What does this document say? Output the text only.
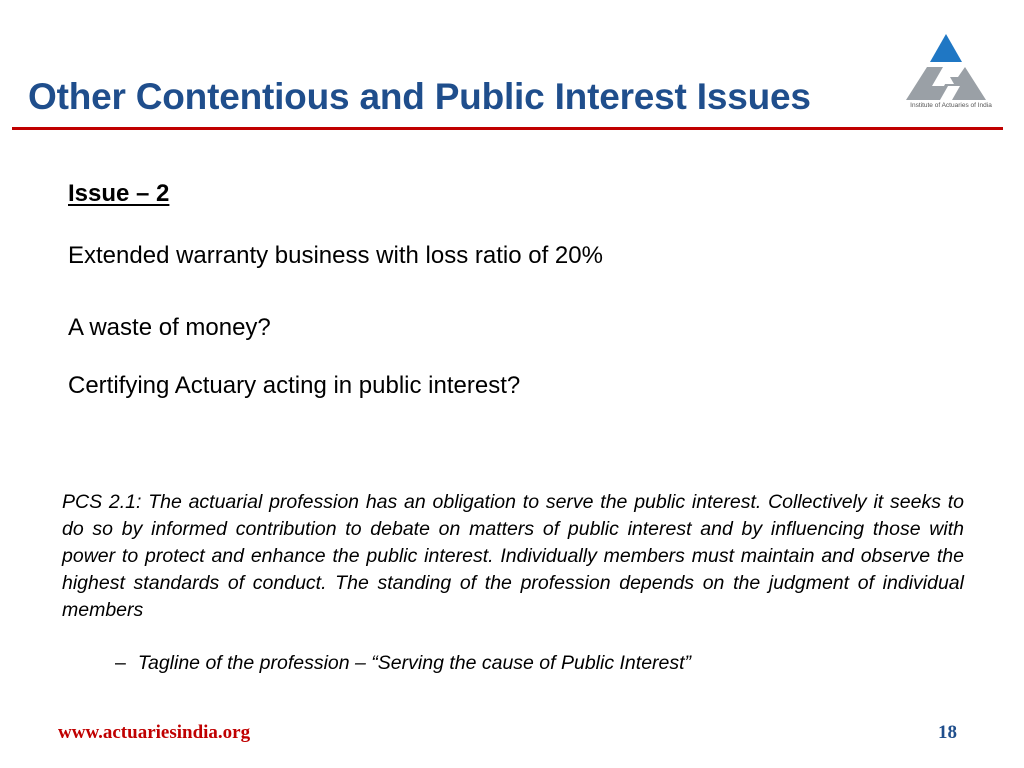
Other Contentious and Public Interest Issues	Institute of Actuaries of India
Issue – 2
Extended warranty business with loss ratio of 20%
A waste of money?
Certifying Actuary acting in public interest?
PCS 2.1: The actuarial profession has an obligation to serve the public interest. Collectively it seeks to do so by informed contribution to debate on matters of public interest and by influencing those with power to protect and enhance the public interest. Individually members must maintain and observe the highest standards of conduct. The standing of the profession depends on the judgment of individual members
– Tagline of the profession – “Serving the cause of Public Interest”
www.actuariesindia.org	18
